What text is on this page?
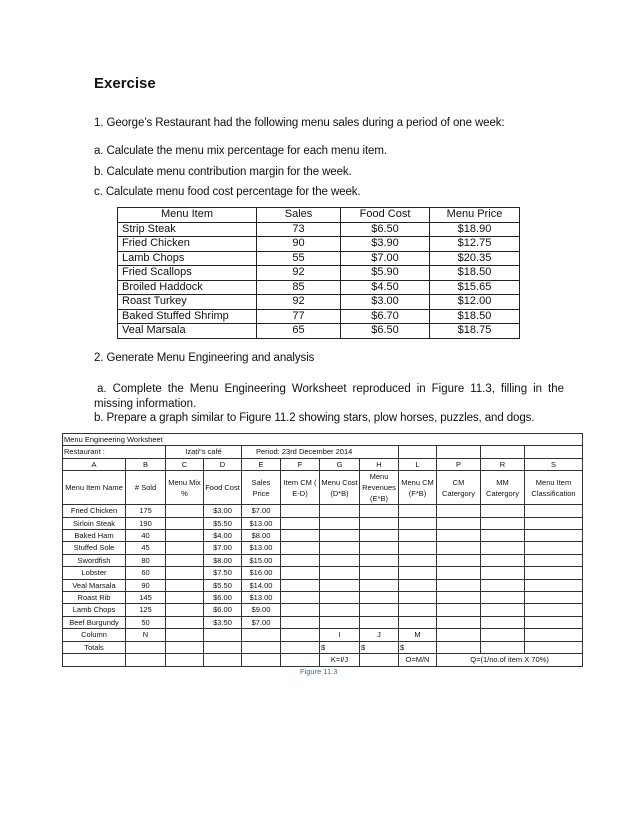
Exercise
1. George’s Restaurant had the following menu sales during a period of one week:
a. Calculate the menu mix percentage for each menu item.
b. Calculate menu contribution margin for the week.
c. Calculate menu food cost percentage for the week.
Menu Item	Sales	Food Cost	Menu Price
Strip Steak	73	$6.50	$18.90
Fried Chicken	90	$3.90	$12.75
Lamb Chops	55	$7.00	$20.35
Fried Scallops	92	$5.90	$18.50
Broiled Haddock	85	$4.50	$15.65
Roast Turkey	92	$3.00	$12.00
Baked Stuffed Shrimp	77	$6.70	$18.50
Veal Marsala	65	$6.50	$18.75
2. Generate Menu Engineering and analysis
a. Complete the Menu Engineering Worksheet reproduced in Figure 11.3, filling in the missing information.
b. Prepare a graph similar to Figure 11.2 showing stars, plow horses, puzzles, and dogs.
Menu Engineering Worksheet											
Restaurant :		Izati"s café		Period: 23rd December 2014							
A	B	C	D	E	F	G	H	L	P	R	S
Menu Item Name	# Sold	Menu Mix %	Food Cost	Sales Price	Item CM ( E-D)	Menu Cost (D*B)	Menu Revenues (E*B)	Menu CM (F*B)	CM Catergory	MM Catergory	Menu Item Classification
Fried Chicken	175		$3.00	$7.00							
Sirloin Steak	190		$5.50	$13.00							
Baked Ham	40		$4.00	$8.00							
Stuffed Sole	45		$7.00	$13.00							
Swordfish	80		$8.00	$15.00							
Lobster	60		$7.50	$16.00							
Veal Marsala	90		$5.50	$14.00							
Roast Rib	145		$6.00	$13.00							
Lamb Chops	125		$6.00	$9.00							
Beef Burgundy	50		$3.50	$7.00							
Column	N					I	J	M			
Totals						$	$	$			
						K=I/J		O=M/N	Q=(1/no.of item X 70%)		
Figure 11.3
